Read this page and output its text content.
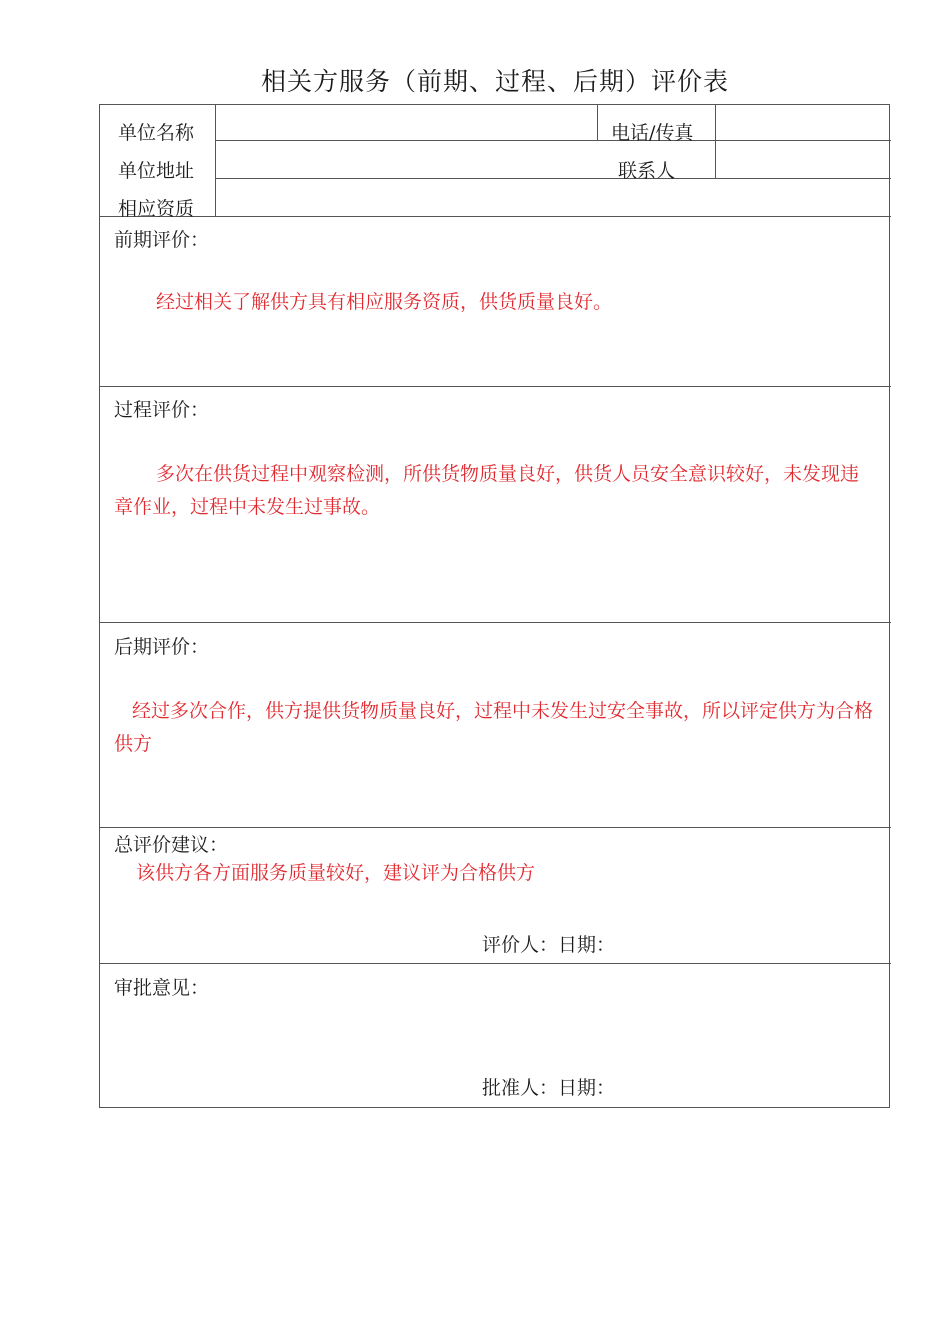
相关方服务（前期、过程、后期）评价表
单位名称	电话/传真
单位地址	联系人
相应资质
前期评价：
经过相关了解供方具有相应服务资质，供货质量良好。
过程评价：
多次在供货过程中观察检测，所供货物质量良好，供货人员安全意识较好，未发现违章作业，过程中未发生过事故。
后期评价：
经过多次合作，供方提供货物质量良好，过程中未发生过安全事故，所以评定供方为合格供方
总评价建议：
该供方各方面服务质量较好，建议评为合格供方
评价人：日期：
审批意见：
批准人：日期：
